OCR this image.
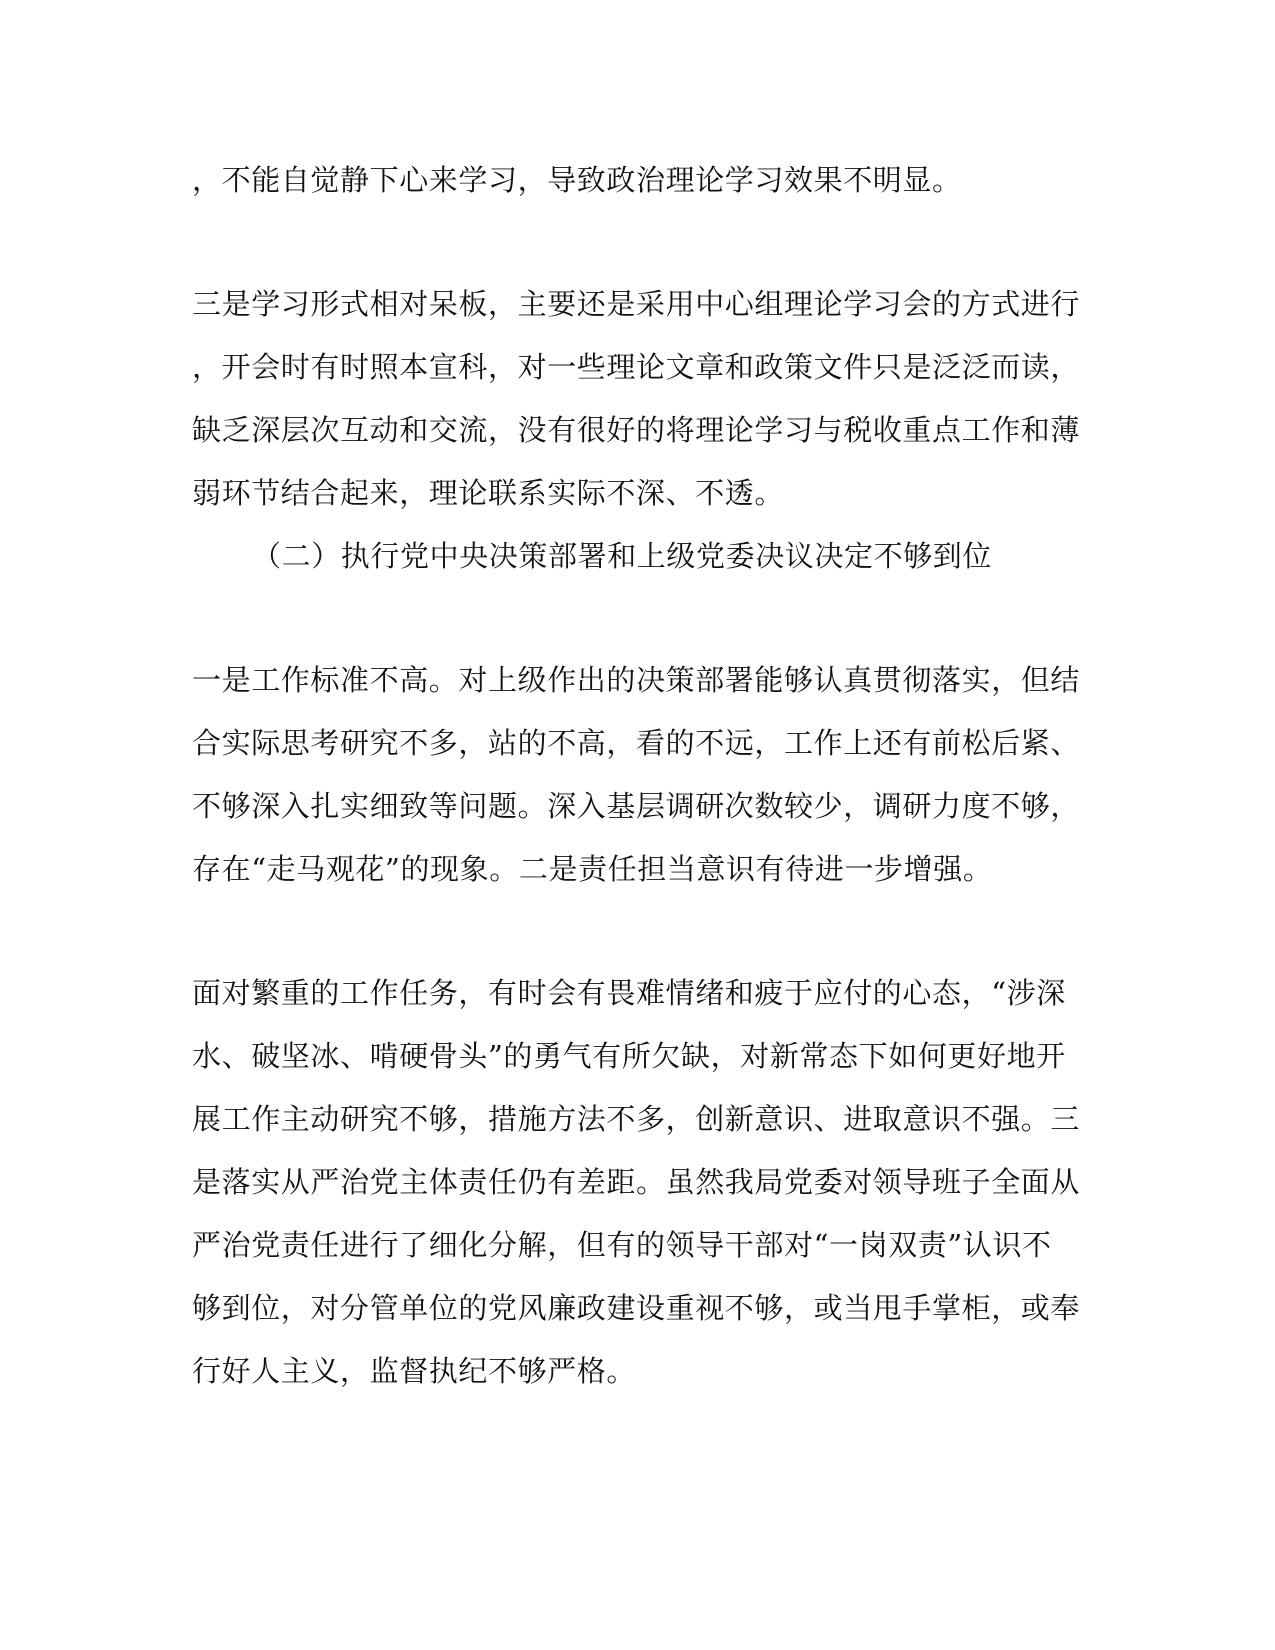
，不能自觉静下心来学习，导致政治理论学习效果不明显。
三是学习形式相对呆板，主要还是采用中心组理论学习会的方式进行
，开会时有时照本宣科，对一些理论文章和政策文件只是泛泛而读，
缺乏深层次互动和交流，没有很好的将理论学习与税收重点工作和薄
弱环节结合起来，理论联系实际不深、不透。
（二）执行党中央决策部署和上级党委决议决定不够到位
一是工作标准不高。对上级作出的决策部署能够认真贯彻落实，但结
合实际思考研究不多，站的不高，看的不远，工作上还有前松后紧、
不够深入扎实细致等问题。深入基层调研次数较少，调研力度不够，
存在“走马观花”的现象。二是责任担当意识有待进一步增强。
面对繁重的工作任务，有时会有畏难情绪和疲于应付的心态，“涉深
水、破坚冰、啃硬骨头”的勇气有所欠缺，对新常态下如何更好地开
展工作主动研究不够，措施方法不多，创新意识、进取意识不强。三
是落实从严治党主体责任仍有差距。虽然我局党委对领导班子全面从
严治党责任进行了细化分解，但有的领导干部对“一岗双责”认识不
够到位，对分管单位的党风廉政建设重视不够，或当甩手掌柜，或奉
行好人主义，监督执纪不够严格。
